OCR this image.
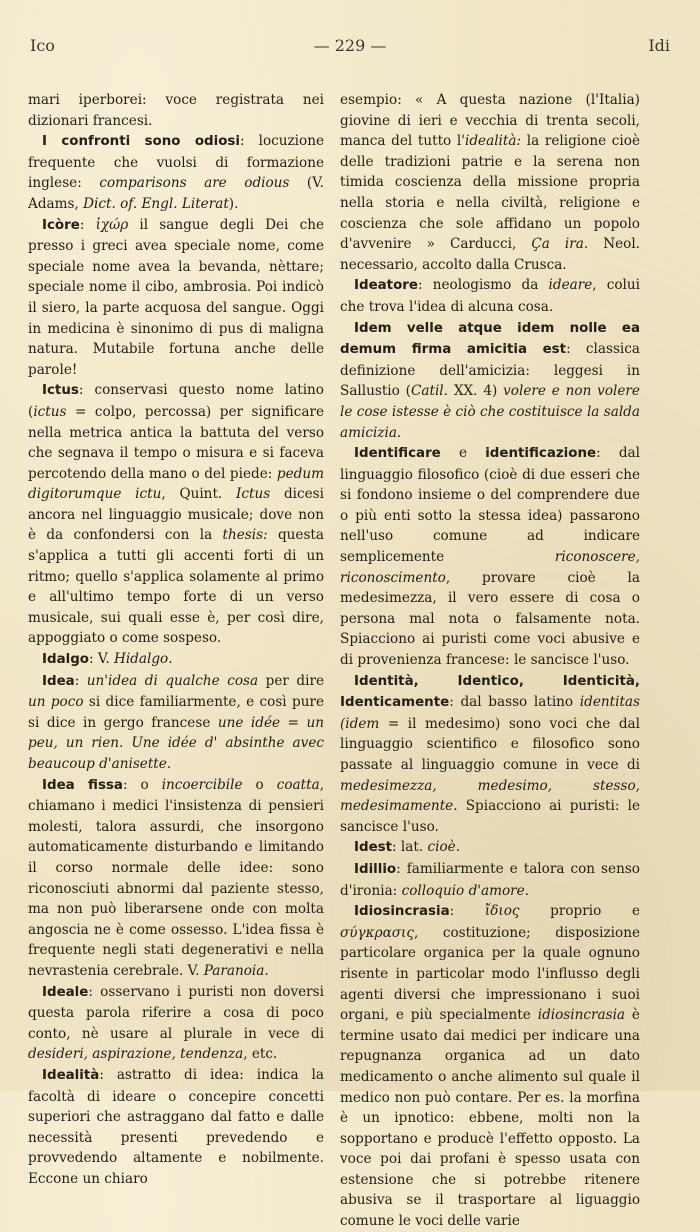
Ico	— 229 —	Idi

mari iperborei: voce registrata nei dizionari francesi.

I confronti sono odiosi: locuzione frequente che vuolsi di formazione inglese: comparisons are odious (V. Adams, Dict. of. Engl. Literat).

Icòre: ἰχώρ il sangue degli Dei che presso i greci avea speciale nome, come speciale nome avea la bevanda, nèttare; speciale nome il cibo, ambrosia. Poi indicò il siero, la parte acquosa del sangue. Oggi in medicina è sinonimo di pus di maligna natura. Mutabile fortuna anche delle parole!

Ictus: conservasi questo nome latino (ictus = colpo, percossa) per significare nella metrica antica la battuta del verso che segnava il tempo o misura e si faceva percotendo della mano o del piede: pedum digitorumque ictu, Quint. Ictus dicesi ancora nel linguaggio musicale; dove non è da confondersi con la thesis: questa s'applica a tutti gli accenti forti di un ritmo; quello s'applica solamente al primo e all'ultimo tempo forte di un verso musicale, sui quali esse è, per così dire, appoggiato o come sospeso.

Idalgo: V. Hidalgo.

Idea: un'idea di qualche cosa per dire un poco si dice familiarmente, e così pure si dice in gergo francese une idée = un peu, un rien. Une idée d' absinthe avec beaucoup d'anisette.

Idea fissa: o incoercibile o coatta, chiamano i medici l'insistenza di pensieri molesti, talora assurdi, che insorgono automaticamente disturbando e limitando il corso normale delle idee: sono riconosciuti abnormi dal paziente stesso, ma non può liberarsene onde con molta angoscia ne è come ossesso. L'idea fissa è frequente negli stati degenerativi e nella nevrastenia cerebrale. V. Paranoia.

Ideale: osservano i puristi non doversi questa parola riferire a cosa di poco conto, nè usare al plurale in vece di desideri, aspirazione, tendenza, etc.

Idealità: astratto di idea: indica la facoltà di ideare o concepire concetti superiori che astraggano dal fatto e dalle necessità presenti prevedendo e provvedendo altamente e nobilmente. Eccone un chiaro

esempio: « A questa nazione (l'Italia) giovine di ieri e vecchia di trenta secoli, manca del tutto l'idealità: la religione cioè delle tradizioni patrie e la serena non timida coscienza della missione propria nella storia e nella civiltà, religione e coscienza che sole affidano un popolo d'avvenire » Carducci, Ça ira. Neol. necessario, accolto dalla Crusca.

Ideatore: neologismo da ideare, colui che trova l'idea di alcuna cosa.

Idem velle atque idem nolle ea demum firma amicitia est: classica definizione dell'amicizia: leggesi in Sallustio (Catil. XX. 4) volere e non volere le cose istesse è ciò che costituisce la salda amicizia.

Identificare e identificazione: dal linguaggio filosofico (cioè di due esseri che si fondono insieme o del comprendere due o più enti sotto la stessa idea) passarono nell'uso comune ad indicare semplicemente riconoscere, riconoscimento, provare cioè la medesimezza, il vero essere di cosa o persona mal nota o falsamente nota. Spiacciono ai puristi come voci abusive e di provenienza francese: le sancisce l'uso.

Identità, Identico, Identicità, Identicamente: dal basso latino identitas (idem = il medesimo) sono voci che dal linguaggio scientifico e filosofico sono passate al linguaggio comune in vece di medesimezza, medesimo, stesso, medesimamente. Spiacciono ai puristi: le sancisce l'uso.

Idest: lat. cioè.

Idillio: familiarmente e talora con senso d'ironia: colloquio d'amore.

Idiosincrasia: ἴδιος proprio e σύγκρασις, costituzione; disposizione particolare organica per la quale ognuno risente in particolar modo l'influsso degli agenti diversi che impressionano i suoi organi, e più specialmente idiosincrasia è termine usato dai medici per indicare una repugnanza organica ad un dato medicamento o anche alimento sul quale il medico non può contare. Per es. la morfina è un ipnotico: ebbene, molti non la sopportano e producè l'effetto opposto. La voce poi dai profani è spesso usata con estensione che si potrebbe ritenere abusiva se il trasportare al liguaggio comune le voci delle varie
